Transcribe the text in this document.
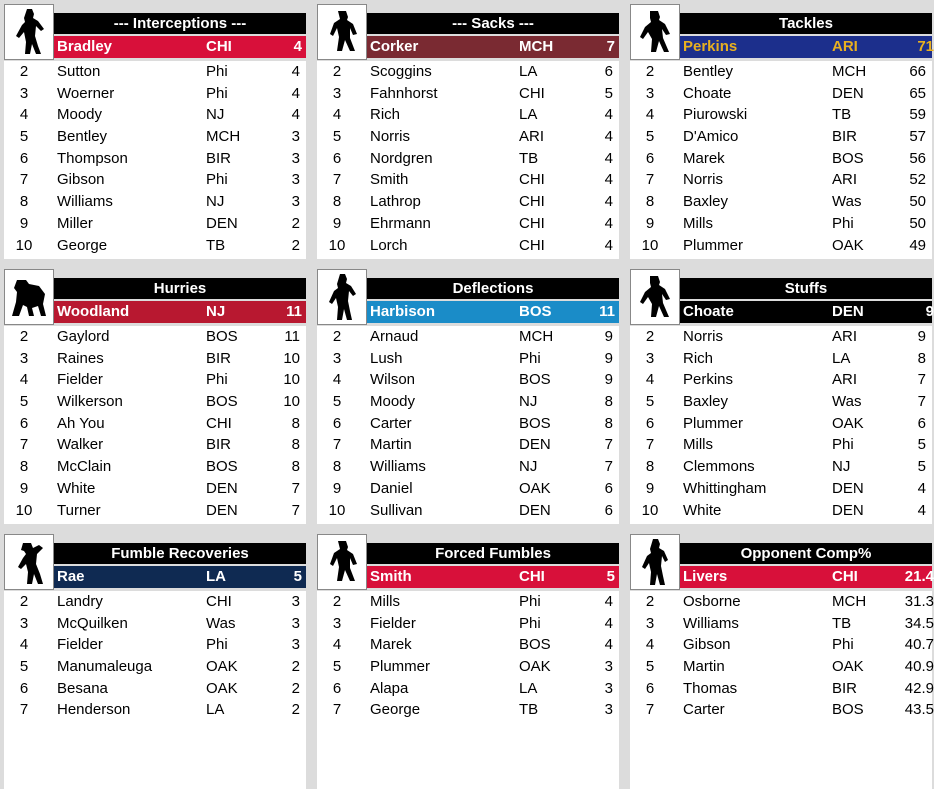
--- Interceptions ---
Bradley	CHI	4
2	Sutton	Phi	4
3	Woerner	Phi	4
4	Moody	NJ	4
5	Bentley	MCH	3
6	Thompson	BIR	3
7	Gibson	Phi	3
8	Williams	NJ	3
9	Miller	DEN	2
10	George	TB	2
--- Sacks ---
Corker	MCH	7
2	Scoggins	LA	6
3	Fahnhorst	CHI	5
4	Rich	LA	4
5	Norris	ARI	4
6	Nordgren	TB	4
7	Smith	CHI	4
8	Lathrop	CHI	4
9	Ehrmann	CHI	4
10	Lorch	CHI	4
Tackles
Perkins	ARI	71
2	Bentley	MCH	66
3	Choate	DEN	65
4	Piurowski	TB	59
5	D'Amico	BIR	57
6	Marek	BOS	56
7	Norris	ARI	52
8	Baxley	Was	50
9	Mills	Phi	50
10	Plummer	OAK	49
Hurries
Woodland	NJ	11
2	Gaylord	BOS	11
3	Raines	BIR	10
4	Fielder	Phi	10
5	Wilkerson	BOS	10
6	Ah You	CHI	8
7	Walker	BIR	8
8	McClain	BOS	8
9	White	DEN	7
10	Turner	DEN	7
Deflections
Harbison	BOS	11
2	Arnaud	MCH	9
3	Lush	Phi	9
4	Wilson	BOS	9
5	Moody	NJ	8
6	Carter	BOS	8
7	Martin	DEN	7
8	Williams	NJ	7
9	Daniel	OAK	6
10	Sullivan	DEN	6
Stuffs
Choate	DEN	9
2	Norris	ARI	9
3	Rich	LA	8
4	Perkins	ARI	7
5	Baxley	Was	7
6	Plummer	OAK	6
7	Mills	Phi	5
8	Clemmons	NJ	5
9	Whittingham	DEN	4
10	White	DEN	4
Fumble Recoveries
Rae	LA	5
2	Landry	CHI	3
3	McQuilken	Was	3
4	Fielder	Phi	3
5	Manumaleuga	OAK	2
6	Besana	OAK	2
7	Henderson	LA	2
Forced Fumbles
Smith	CHI	5
2	Mills	Phi	4
3	Fielder	Phi	4
4	Marek	BOS	4
5	Plummer	OAK	3
6	Alapa	LA	3
7	George	TB	3
Opponent Comp%
Livers	CHI	21.4
2	Osborne	MCH	31.3
3	Williams	TB	34.5
4	Gibson	Phi	40.7
5	Martin	OAK	40.9
6	Thomas	BIR	42.9
7	Carter	BOS	43.5
